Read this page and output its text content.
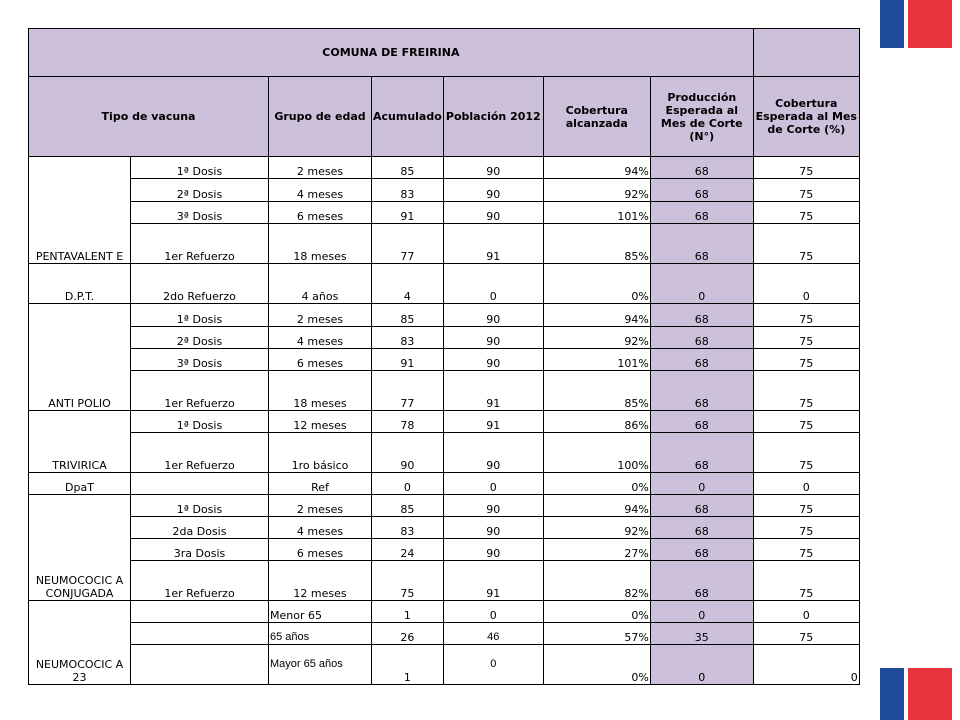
COMUNA DE FREIRINA							
Tipo de vacuna		Grupo de edad	Acumulado	Población 2012	Cobertura alcanzada	Producción Esperada al Mes de Corte (N°)	Cobertura Esperada al Mes de Corte (%)
PENTAVALENT E	1ª Dosis	2 meses	85	90	94%	68	75
	2ª Dosis	4 meses	83	90	92%	68	75
	3ª Dosis	6 meses	91	90	101%	68	75
	1er Refuerzo	18 meses	77	91	85%	68	75
D.P.T.	2do Refuerzo	4 años	4	0	0%	0	0
ANTI POLIO	1ª Dosis	2 meses	85	90	94%	68	75
	2ª Dosis	4 meses	83	90	92%	68	75
	3ª Dosis	6 meses	91	90	101%	68	75
	1er Refuerzo	18 meses	77	91	85%	68	75
TRIVIRICA	1ª Dosis	12 meses	78	91	86%	68	75
	1er Refuerzo	1ro básico	90	90	100%	68	75
DpaT		Ref	0	0	0%	0	0
NEUMOCOCIC A CONJUGADA	1ª Dosis	2 meses	85	90	94%	68	75
	2da Dosis	4 meses	83	90	92%	68	75
	3ra Dosis	6 meses	24	90	27%	68	75
	1er Refuerzo	12 meses	75	91	82%	68	75
NEUMOCOCIC A 23		Menor 65	1	0	0%	0	0
		65 años	26	46	57%	35	75
		Mayor 65 años	1	0	0%	0	0
